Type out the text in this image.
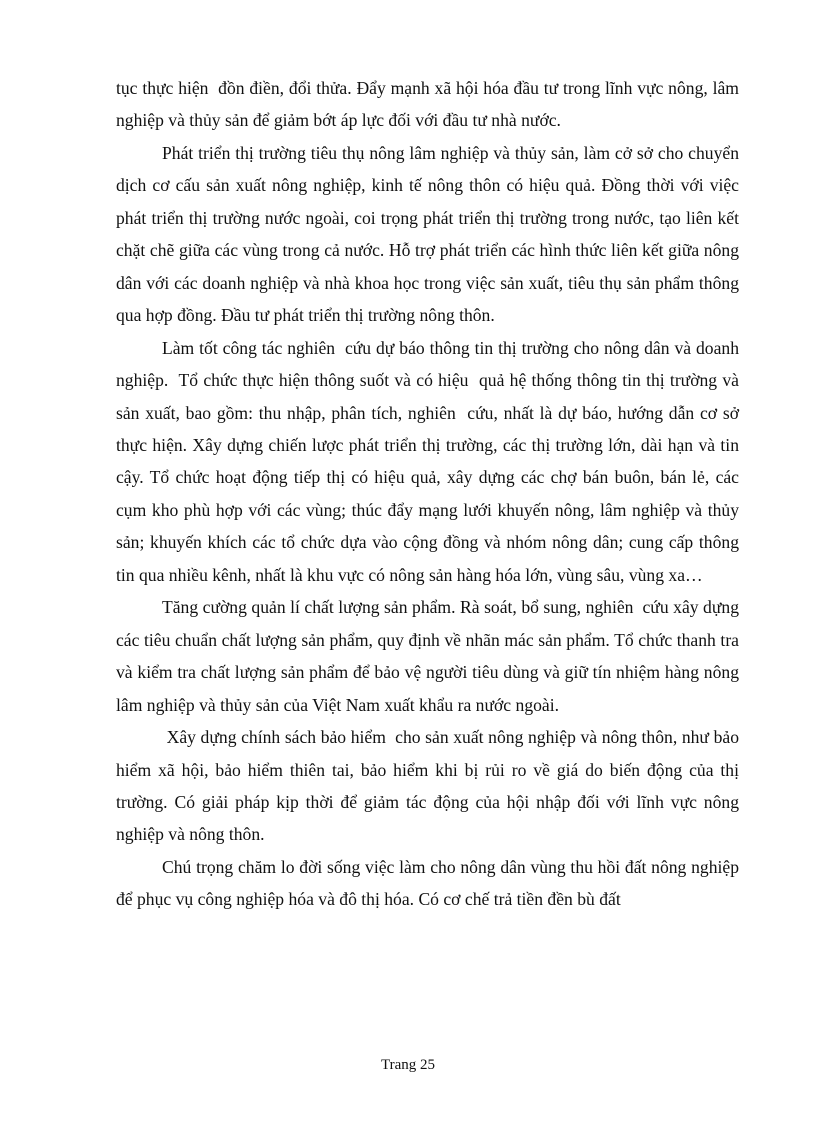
tục thực hiện  đồn điền, đổi thửa. Đẩy mạnh xã hội hóa đầu tư trong lĩnh vực nông, lâm nghiệp và thủy sản để giảm bớt áp lực đối với đầu tư nhà nước.

Phát triển thị trường tiêu thụ nông lâm nghiệp và thủy sản, làm cở sở cho chuyển dịch cơ cấu sản xuất nông nghiệp, kinh tế nông thôn có hiệu quả. Đồng thời với việc phát triển thị trường nước ngoài, coi trọng phát triển thị trường trong nước, tạo liên kết chặt chẽ giữa các vùng trong cả nước. Hỗ trợ phát triển các hình thức liên kết giữa nông dân với các doanh nghiệp và nhà khoa học trong việc sản xuất, tiêu thụ sản phẩm thông qua hợp đồng. Đầu tư phát triển thị trường nông thôn.

Làm tốt công tác nghiên  cứu dự báo thông tin thị trường cho nông dân và doanh nghiệp.  Tổ chức thực hiện thông suốt và có hiệu  quả hệ thống thông tin thị trường và sản xuất, bao gồm: thu nhập, phân tích, nghiên  cứu, nhất là dự báo, hướng dẫn cơ sở thực hiện. Xây dựng chiến lược phát triển thị trường, các thị trường lớn, dài hạn và tin cậy. Tổ chức hoạt động tiếp thị có hiệu quả, xây dựng các chợ bán buôn, bán lẻ, các cụm kho phù hợp với các vùng; thúc đẩy mạng lưới khuyến nông, lâm nghiệp và thủy sản; khuyến khích các tổ chức dựa vào cộng đồng và nhóm nông dân; cung cấp thông tin qua nhiều kênh, nhất là khu vực có nông sản hàng hóa lớn, vùng sâu, vùng xa…

Tăng cường quản lí chất lượng sản phẩm. Rà soát, bổ sung, nghiên  cứu xây dựng các tiêu chuẩn chất lượng sản phẩm, quy định về nhãn mác sản phẩm. Tổ chức thanh tra và kiểm tra chất lượng sản phẩm để bảo vệ người tiêu dùng và giữ tín nhiệm hàng nông lâm nghiệp và thủy sản của Việt Nam xuất khẩu ra nước ngoài.

Xây dựng chính sách bảo hiểm  cho sản xuất nông nghiệp và nông thôn, như bảo hiểm xã hội, bảo hiểm thiên tai, bảo hiểm khi bị rủi ro về giá do biến động của thị trường. Có giải pháp kịp thời để giảm tác động của hội nhập đối với lĩnh vực nông nghiệp và nông thôn.

Chú trọng chăm lo đời sống việc làm cho nông dân vùng thu hồi đất nông nghiệp  để phục vụ công nghiệp hóa và đô thị hóa. Có cơ chế trả tiền đền bù đất

Trang 25
